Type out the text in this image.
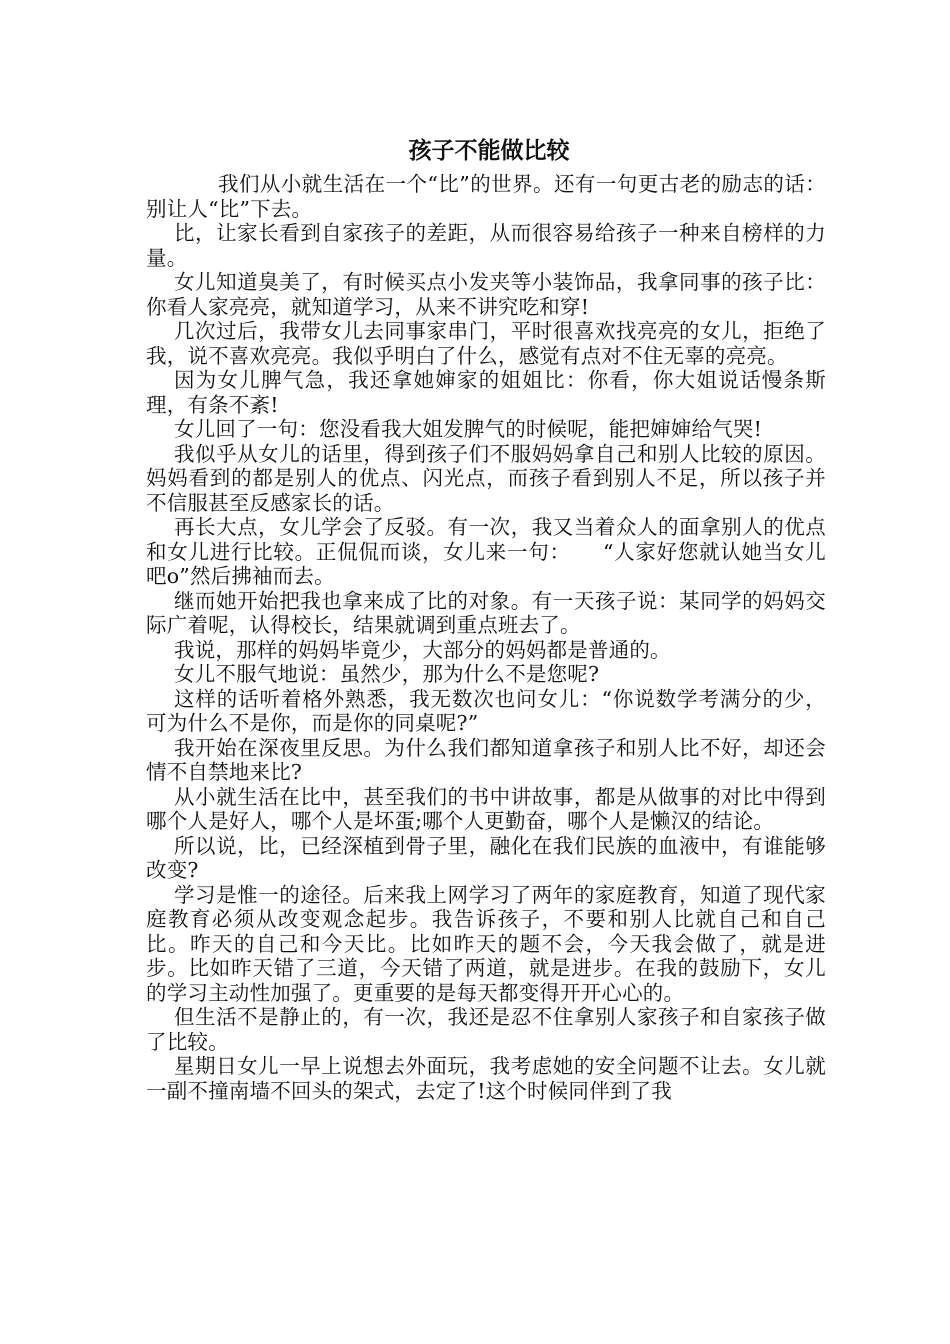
孩子不能做比较

我们从小就生活在一个“比”的世界。还有一句更古老的励志的话：别让人“比”下去。

比，让家长看到自家孩子的差距，从而很容易给孩子一种来自榜样的力量。

女儿知道臭美了，有时候买点小发夹等小装饰品，我拿同事的孩子比：你看人家亮亮，就知道学习，从来不讲究吃和穿!

几次过后，我带女儿去同事家串门，平时很喜欢找亮亮的女儿，拒绝了我，说不喜欢亮亮。我似乎明白了什么，感觉有点对不住无辜的亮亮。

因为女儿脾气急，我还拿她婶家的姐姐比：你看，你大姐说话慢条斯理，有条不紊!

女儿回了一句：您没看我大姐发脾气的时候呢，能把婶婶给气哭!

我似乎从女儿的话里，得到孩子们不服妈妈拿自己和别人比较的原因。妈妈看到的都是别人的优点、闪光点，而孩子看到别人不足，所以孩子并不信服甚至反感家长的话。

再长大点，女儿学会了反驳。有一次，我又当着众人的面拿别人的优点和女儿进行比较。正侃侃而谈，女儿来一句：　　“人家好您就认她当女儿吧o”然后拂袖而去。

继而她开始把我也拿来成了比的对象。有一天孩子说：某同学的妈妈交际广着呢，认得校长，结果就调到重点班去了。

我说，那样的妈妈毕竟少，大部分的妈妈都是普通的。

女儿不服气地说：虽然少，那为什么不是您呢?

这样的话听着格外熟悉，我无数次也问女儿：“你说数学考满分的少，可为什么不是你，而是你的同桌呢?”

我开始在深夜里反思。为什么我们都知道拿孩子和别人比不好，却还会情不自禁地来比?

从小就生活在比中，甚至我们的书中讲故事，都是从做事的对比中得到哪个人是好人，哪个人是坏蛋;哪个人更勤奋，哪个人是懒汉的结论。

所以说，比，已经深植到骨子里，融化在我们民族的血液中，有谁能够改变?

学习是惟一的途径。后来我上网学习了两年的家庭教育，知道了现代家庭教育必须从改变观念起步。我告诉孩子，不要和别人比就自己和自己比。昨天的自己和今天比。比如昨天的题不会，今天我会做了，就是进步。比如昨天错了三道，今天错了两道，就是进步。在我的鼓励下，女儿的学习主动性加强了。更重要的是每天都变得开开心心的。

但生活不是静止的，有一次，我还是忍不住拿别人家孩子和自家孩子做了比较。

星期日女儿一早上说想去外面玩，我考虑她的安全问题不让去。女儿就一副不撞南墙不回头的架式，去定了!这个时候同伴到了我
